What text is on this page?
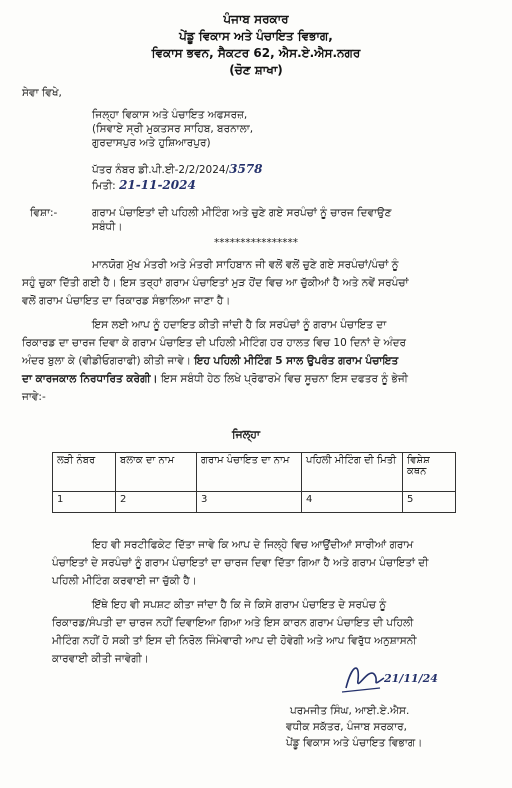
ਪੰਜਾਬ ਸਰਕਾਰ
ਪੇਂਡੂ ਵਿਕਾਸ ਅਤੇ ਪੰਚਾਇਤ ਵਿਭਾਗ,
ਵਿਕਾਸ ਭਵਨ, ਸੈਕਟਰ 62, ਐਸ.ਏ.ਐਸ.ਨਗਰ
(ਚੋਣ ਸ਼ਾਖਾ)
ਸੇਵਾ ਵਿਖੇ,
ਜਿਲ੍ਹਾ ਵਿਕਾਸ ਅਤੇ ਪੰਚਾਇਤ ਅਫਸਰਜ਼,
(ਸਿਵਾਏ ਸ੍ਰੀ ਮੁਕਤਸਰ ਸਾਹਿਬ, ਬਰਨਾਲਾ,
ਗੁਰਦਾਸਪੁਰ ਅਤੇ ਹੁਸ਼ਿਆਰਪੁਰ)
ਪੱਤਰ ਨੰਬਰ ਡੀ.ਪੀ.ਈ-2/2/2024/3578
ਮਿਤੀ: 21-11-2024
ਵਿਸ਼ਾ:-	ਗਰਾਮ ਪੰਚਾਇਤਾਂ ਦੀ ਪਹਿਲੀ ਮੀਟਿੰਗ ਅਤੇ ਚੁਣੇ ਗਏ ਸਰਪੰਚਾਂ ਨੂੰ ਚਾਰਜ ਦਿਵਾਉਣ
ਸਬੰਧੀ।
****************
ਮਾਨਯੋਗ ਮੁੱਖ ਮੰਤਰੀ ਅਤੇ ਮੰਤਰੀ ਸਾਹਿਬਾਨ ਜੀ ਵਲੋਂ ਵਲੋਂ ਚੁਣੇ ਗਏ ਸਰਪੰਚਾਂ/ਪੰਚਾਂ ਨੂੰ
ਸਹੁੰ ਚੁਕਾ ਦਿੱਤੀ ਗਈ ਹੈ। ਇਸ ਤਰ੍ਹਾਂ ਗਰਾਮ ਪੰਚਾਇਤਾਂ ਮੁੜ ਹੋਂਦ ਵਿਚ ਆ ਚੁੱਕੀਆਂ ਹੈ ਅਤੇ ਨਵੇਂ ਸਰਪੰਚਾਂ
ਵਲੋਂ ਗਰਾਮ ਪੰਚਾਇਤ ਦਾ ਰਿਕਾਰਡ ਸੰਭਾਲਿਆ ਜਾਣਾ ਹੈ।
ਇਸ ਲਈ ਆਪ ਨੂੰ ਹਦਾਇਤ ਕੀਤੀ ਜਾਂਦੀ ਹੈ ਕਿ ਸਰਪੰਚਾਂ ਨੂੰ ਗਰਾਮ ਪੰਚਾਇਤ ਦਾ
ਰਿਕਾਰਡ ਦਾ ਚਾਰਜ ਦਿਵਾ ਕੇ ਗਰਾਮ ਪੰਚਾਇਤ ਦੀ ਪਹਿਲੀ ਮੀਟਿੰਗ ਹਰ ਹਾਲਤ ਵਿਚ 10 ਦਿਨਾਂ ਦੇ ਅੰਦਰ
ਅੰਦਰ ਬੁਲਾ ਕੇ (ਵੀਡੀਓਗਰਾਫੀ) ਕੀਤੀ ਜਾਵੇ। ਇਹ ਪਹਿਲੀ ਮੀਟਿੰਗ 5 ਸਾਲ ਉਪਰੰਤ ਗਰਾਮ ਪੰਚਾਇਤ
ਦਾ ਕਾਰਜਕਾਲ ਨਿਰਧਾਰਿਤ ਕਰੇਗੀ। ਇਸ ਸਬੰਧੀ ਹੇਠ ਲਿਖੇ ਪ੍ਰੋਫਾਰਮੇ ਵਿਚ ਸੂਚਨਾ ਇਸ ਦਫਤਰ ਨੂੰ ਭੇਜੀ
ਜਾਵੇ:-
ਜਿਲ੍ਹਾ
ਲੜੀ ਨੰਬਰ	ਬਲਾਕ ਦਾ ਨਾਮ	ਗਰਾਮ ਪੰਚਾਇਤ ਦਾ ਨਾਮ	ਪਹਿਲੀ ਮੀਟਿੰਗ ਦੀ ਮਿਤੀ	ਵਿਸ਼ੇਸ਼ ਕਥਨ
1	2	3	4	5
ਇਹ ਵੀ ਸਰਟੀਫਿਕੇਟ ਦਿੱਤਾ ਜਾਵੇ ਕਿ ਆਪ ਦੇ ਜਿਲ੍ਹੇ ਵਿਚ ਆਉਂਦੀਆਂ ਸਾਰੀਆਂ ਗਰਾਮ
ਪੰਚਾਇਤਾਂ ਦੇ ਸਰਪੰਚਾਂ ਨੂੰ ਗਰਾਮ ਪੰਚਾਇਤਾਂ ਦਾ ਚਾਰਜ ਦਿਵਾ ਦਿੱਤਾ ਗਿਆ ਹੈ ਅਤੇ ਗਰਾਮ ਪੰਚਾਇਤਾਂ ਦੀ
ਪਹਿਲੀ ਮੀਟਿੰਗ ਕਰਵਾਈ ਜਾ ਚੁੱਕੀ ਹੈ।
ਇੱਥੇ ਇਹ ਵੀ ਸਪਸ਼ਟ ਕੀਤਾ ਜਾਂਦਾ ਹੈ ਕਿ ਜੇ ਕਿਸੇ ਗਰਾਮ ਪੰਚਾਇਤ ਦੇ ਸਰਪੰਚ ਨੂੰ
ਰਿਕਾਰਡ/ਸੰਪਤੀ ਦਾ ਚਾਰਜ ਨਹੀਂ ਦਿਵਾਇਆ ਗਿਆ ਅਤੇ ਇਸ ਕਾਰਨ ਗਰਾਮ ਪੰਚਾਇਤ ਦੀ ਪਹਿਲੀ
ਮੀਟਿੰਗ ਨਹੀਂ ਹੋ ਸਕੀ ਤਾਂ ਇਸ ਦੀ ਨਿਰੋਲ ਜਿੰਮੇਵਾਰੀ ਆਪ ਦੀ ਹੋਵੇਗੀ ਅਤੇ ਆਪ ਵਿਰੁੱਧ ਅਨੁਸ਼ਾਸਨੀ
ਕਾਰਵਾਈ ਕੀਤੀ ਜਾਵੇਗੀ।
21/11/24
ਪਰਮਜੀਤ ਸਿੰਘ, ਆਈ.ਏ.ਐਸ.
ਵਧੀਕ ਸਕੱਤਰ, ਪੰਜਾਬ ਸਰਕਾਰ,
ਪੇਂਡੂ ਵਿਕਾਸ ਅਤੇ ਪੰਚਾਇਤ ਵਿਭਾਗ।
